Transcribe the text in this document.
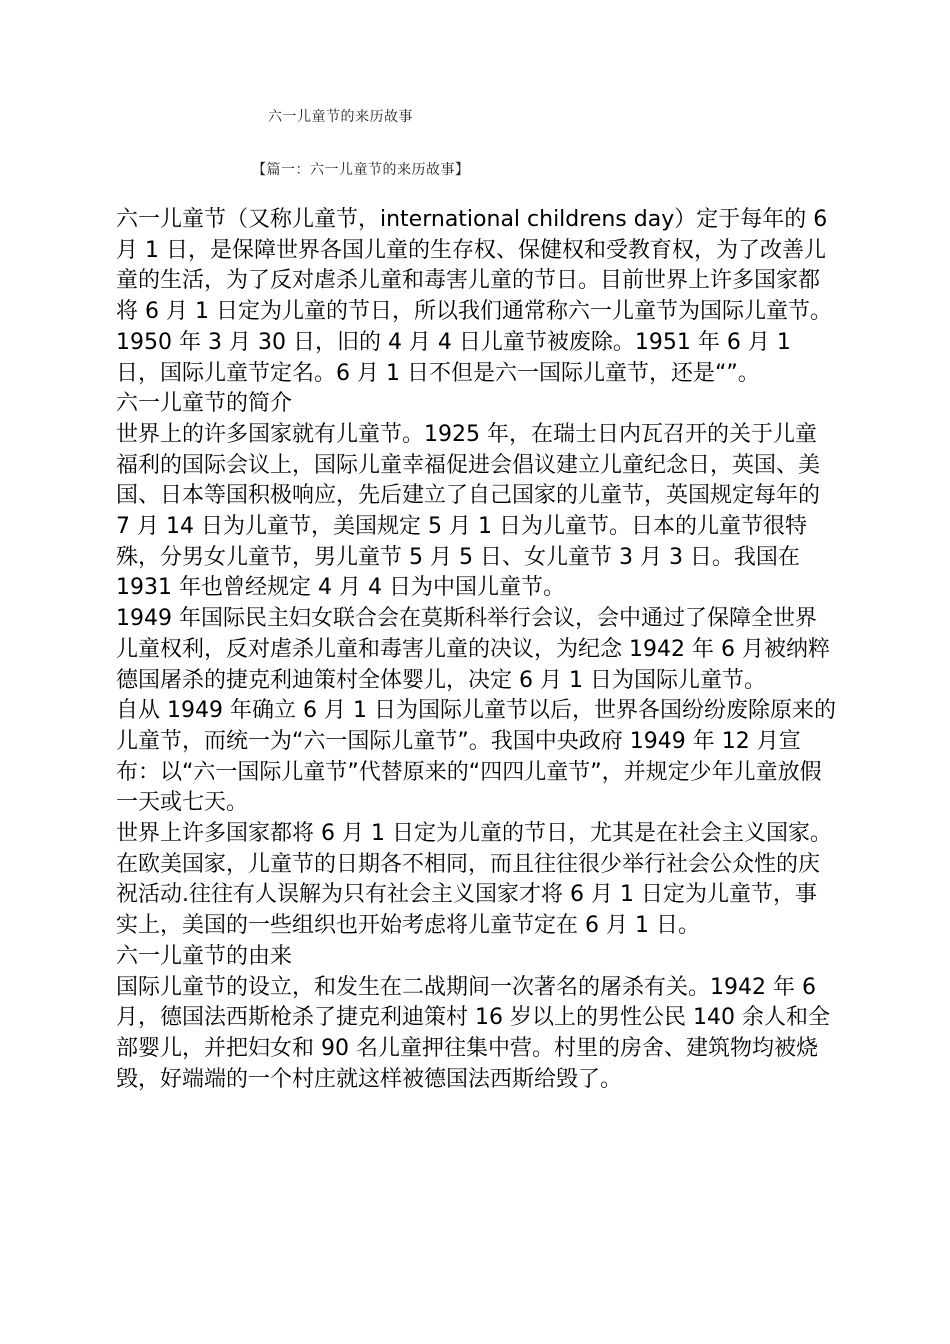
六一儿童节的来历故事
【篇一：六一儿童节的来历故事】

六一儿童节（又称儿童节，international childrens day）定于每年的 6 月 1 日，是保障世界各国儿童的生存权、保健权和受教育权，为了改善儿童的生活，为了反对虐杀儿童和毒害儿童的节日。目前世界上许多国家都将 6 月 1 日定为儿童的节日，所以我们通常称六一儿童节为国际儿童节。1950 年 3 月 30 日，旧的 4 月 4 日儿童节被废除。1951 年 6 月 1 日，国际儿童节定名。6 月 1 日不但是六一国际儿童节，还是“”。

六一儿童节的简介

世界上的许多国家就有儿童节。1925 年，在瑞士日内瓦召开的关于儿童福利的国际会议上，国际儿童幸福促进会倡议建立儿童纪念日，英国、美国、日本等国积极响应，先后建立了自己国家的儿童节，英国规定每年的 7 月 14 日为儿童节，美国规定 5 月 1 日为儿童节。日本的儿童节很特殊，分男女儿童节，男儿童节 5 月 5 日、女儿童节 3 月 3 日。我国在 1931 年也曾经规定 4 月 4 日为中国儿童节。

1949 年国际民主妇女联合会在莫斯科举行会议，会中通过了保障全世界儿童权利，反对虐杀儿童和毒害儿童的决议，为纪念 1942 年 6 月被纳粹德国屠杀的捷克利迪策村全体婴儿，决定 6 月 1 日为国际儿童节。

自从 1949 年确立 6 月 1 日为国际儿童节以后，世界各国纷纷废除原来的儿童节，而统一为“六一国际儿童节”。我国中央政府 1949 年 12 月宣布：以“六一国际儿童节”代替原来的“四四儿童节”，并规定少年儿童放假一天或七天。

世界上许多国家都将 6 月 1 日定为儿童的节日，尤其是在社会主义国家。在欧美国家，儿童节的日期各不相同，而且往往很少举行社会公众性的庆祝活动.往往有人误解为只有社会主义国家才将 6 月 1 日定为儿童节，事实上，美国的一些组织也开始考虑将儿童节定在 6 月 1 日。

六一儿童节的由来

国际儿童节的设立，和发生在二战期间一次著名的屠杀有关。1942 年 6 月，德国法西斯枪杀了捷克利迪策村 16 岁以上的男性公民 140 余人和全部婴儿，并把妇女和 90 名儿童押往集中营。村里的房舍、建筑物均被烧毁，好端端的一个村庄就这样被德国法西斯给毁了。
